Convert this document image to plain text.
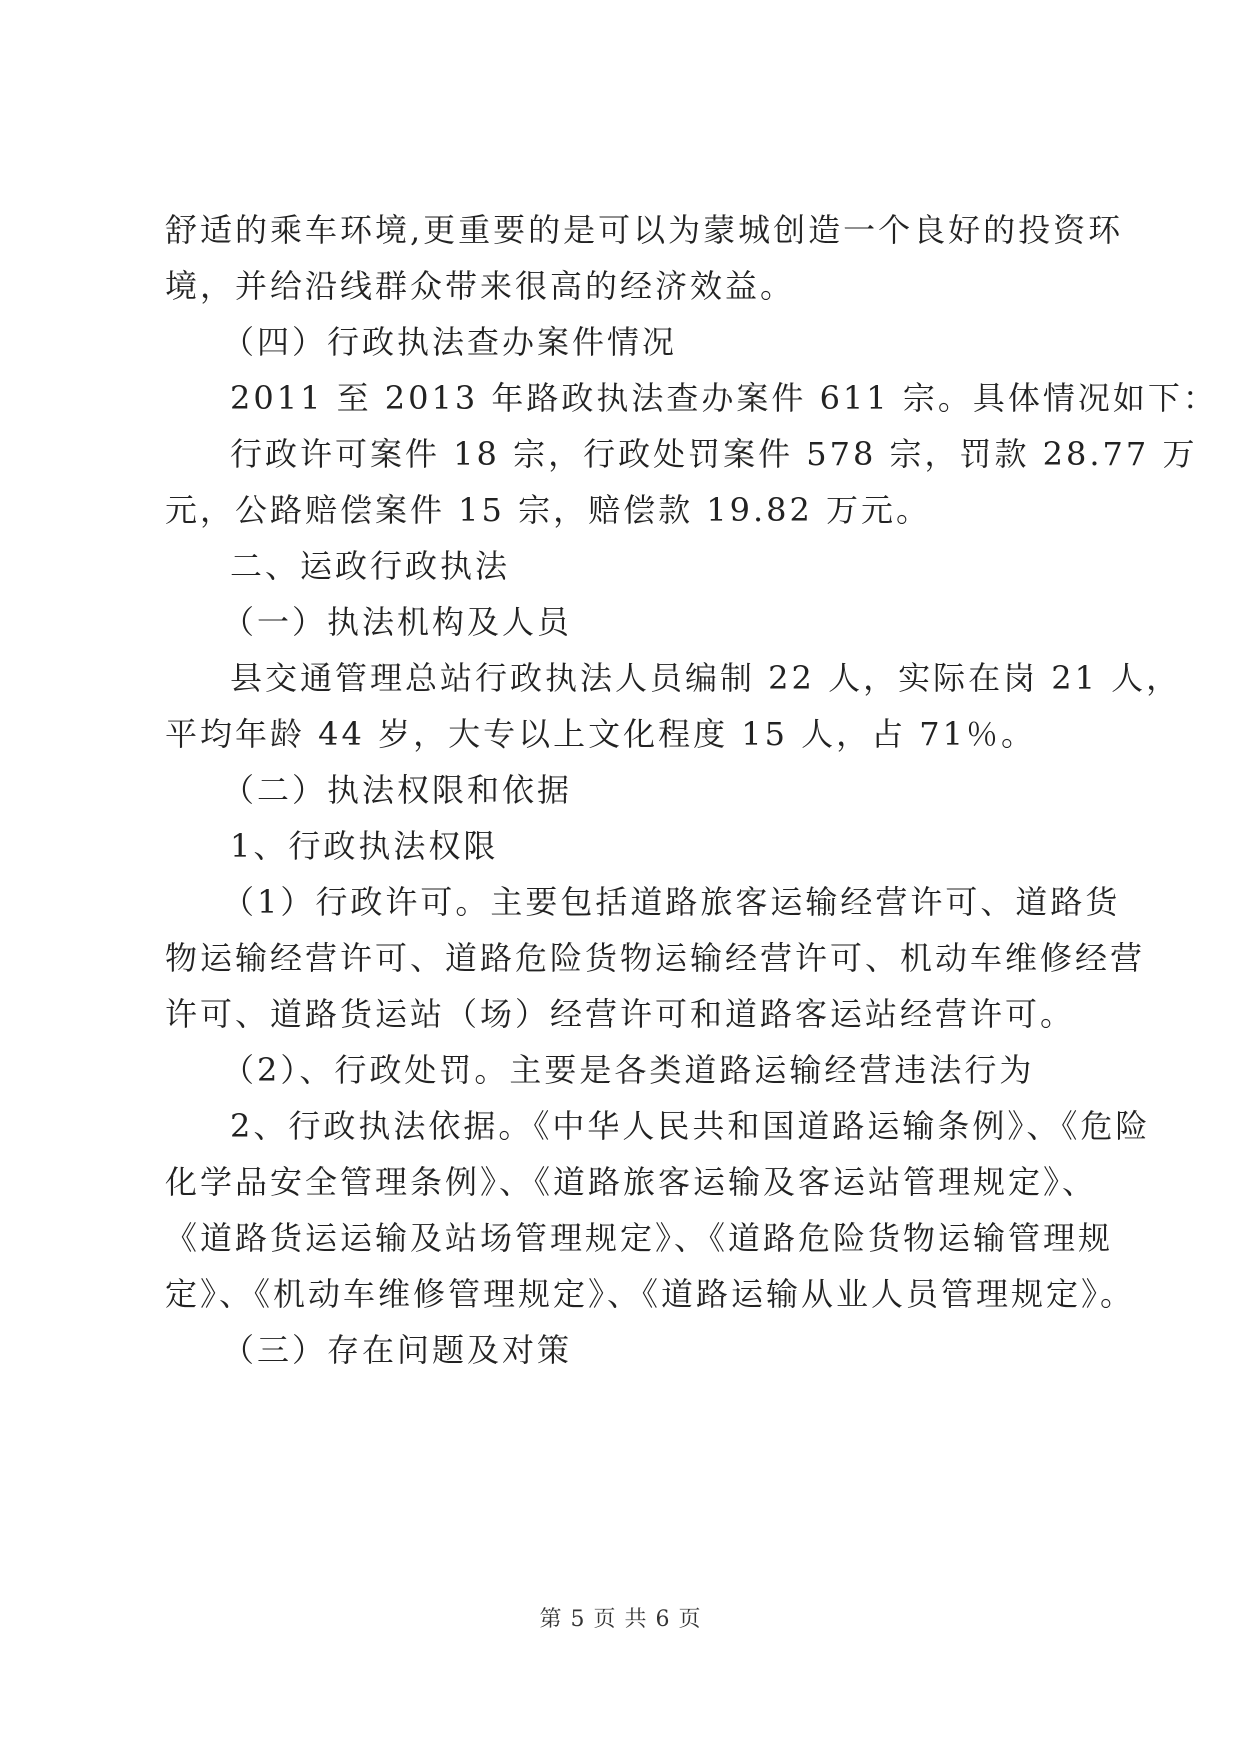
舒适的乘车环境,更重要的是可以为蒙城创造一个良好的投资环
境，并给沿线群众带来很高的经济效益。
（四）行政执法查办案件情况
2011 至 2013 年路政执法查办案件 611 宗。具体情况如下：
行政许可案件 18 宗，行政处罚案件 578 宗，罚款 28.77 万
元，公路赔偿案件 15 宗，赔偿款 19.82 万元。
二、运政行政执法
（一）执法机构及人员
县交通管理总站行政执法人员编制 22 人，实际在岗 21 人，
平均年龄 44 岁，大专以上文化程度 15 人，占 71％。
（二）执法权限和依据
1、行政执法权限
（1）行政许可。主要包括道路旅客运输经营许可、道路货
物运输经营许可、道路危险货物运输经营许可、机动车维修经营
许可、道路货运站（场）经营许可和道路客运站经营许可。
（2）、行政处罚。主要是各类道路运输经营违法行为
2、行政执法依据。《中华人民共和国道路运输条例》、《危险
化学品安全管理条例》、《道路旅客运输及客运站管理规定》、
《道路货运运输及站场管理规定》、《道路危险货物运输管理规
定》、《机动车维修管理规定》、《道路运输从业人员管理规定》。
（三）存在问题及对策
第 5 页 共 6 页
